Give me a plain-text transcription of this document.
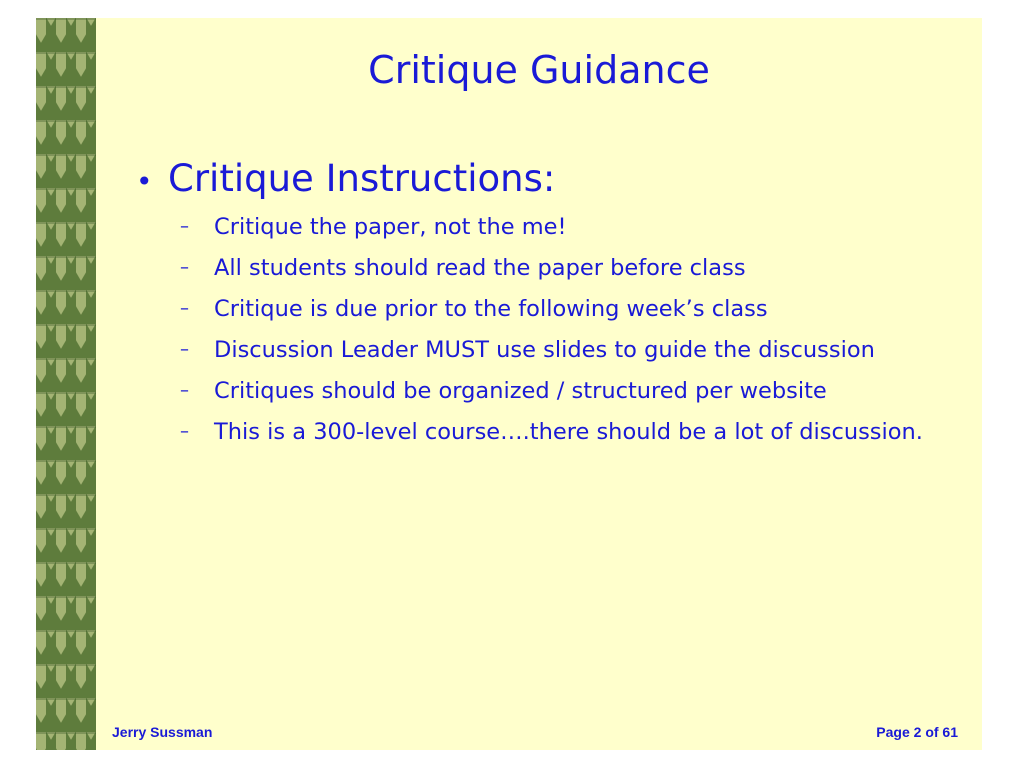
Critique Guidance
• Critique Instructions:
–	Critique the paper, not the me!
–	All students should read the paper before class
–	Critique is due prior to the following week’s class
–	Discussion Leader MUST use slides to guide the discussion
–	Critiques should be organized / structured per website
–	This is a 300-level course….there should be a lot of discussion.
Jerry Sussman	Page 2 of 61
